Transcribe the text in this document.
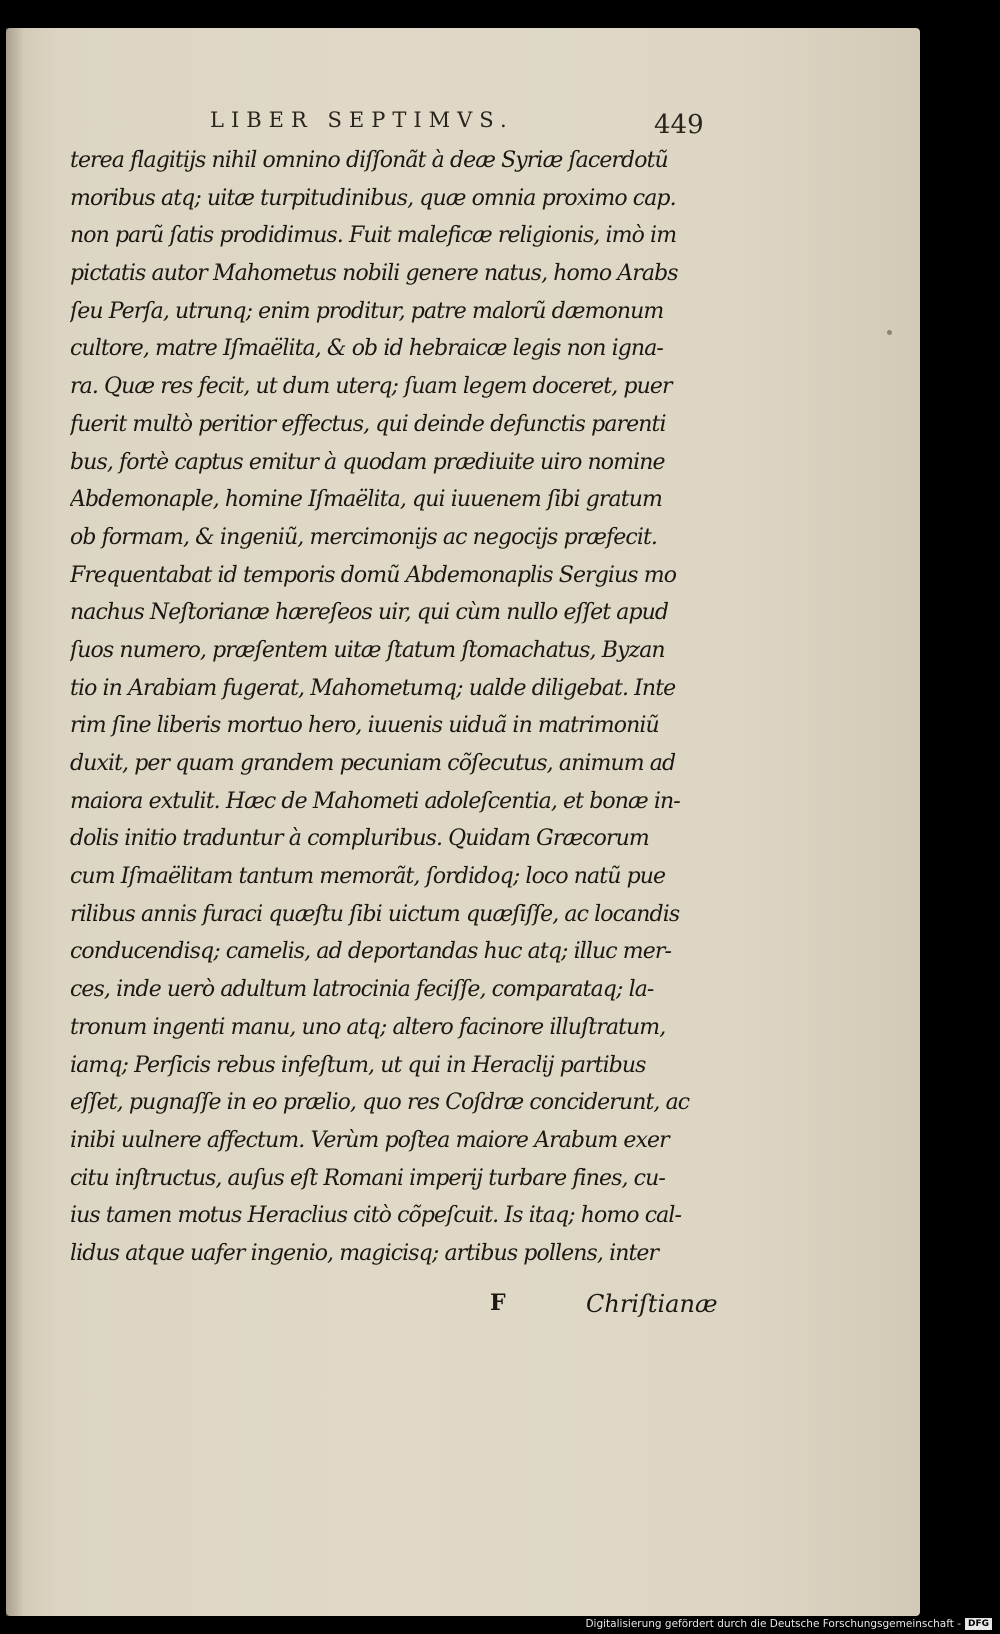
LIBER SEPTIMVS.	449
terea flagitijs nihil omnino diſſonãt à deæ Syriæ ſacerdotũ
moribus atq; uitæ turpitudinibus, quæ omnia proximo cap.
non parũ ſatis prodidimus. Fuit maleficæ religionis, imò im
pictatis autor Mahometus nobili genere natus, homo Arabs
ſeu Perſa, utrunq; enim proditur, patre malorũ dæmonum
cultore, matre Iſmaëlita, & ob id hebraicæ legis non igna-
ra. Quæ res fecit, ut dum uterq; ſuam legem doceret, puer
fuerit multò peritior effectus, qui deinde defunctis parenti
bus, fortè captus emitur à quodam prædiuite uiro nomine
Abdemonaple, homine Iſmaëlita, qui iuuenem ſibi gratum
ob formam, & ingeniũ, mercimonijs ac negocijs præfecit.
Frequentabat id temporis domũ Abdemonaplis Sergius mo
nachus Neſtorianæ hæreſeos uir, qui cùm nullo eſſet apud
ſuos numero, præſentem uitæ ſtatum ſtomachatus, Byzan
tio in Arabiam fugerat, Mahometumq; ualde diligebat. Inte
rim ſine liberis mortuo hero, iuuenis uiduã in matrimoniũ
duxit, per quam grandem pecuniam cõſecutus, animum ad
maiora extulit. Hæc de Mahometi adoleſcentia, et bonæ in-
dolis initio traduntur à compluribus. Quidam Græcorum
cum Iſmaëlitam tantum memorãt, ſordidoq; loco natũ pue
rilibus annis furaci quæſtu ſibi uictum quæſiſſe, ac locandis
conducendisq; camelis, ad deportandas huc atq; illuc mer-
ces, inde uerò adultum latrocinia feciſſe, comparataq; la-
tronum ingenti manu, uno atq; altero facinore illuſtratum,
iamq; Perſicis rebus infeſtum, ut qui in Heraclij partibus
eſſet, pugnaſſe in eo prælio, quo res Coſdræ conciderunt, ac
inibi uulnere affectum. Verùm poſtea maiore Arabum exer
citu inſtructus, auſus eſt Romani imperij turbare fines, cu-
ius tamen motus Heraclius citò cõpeſcuit. Is itaq; homo cal-
lidus atque uafer ingenio, magicisq; artibus pollens, inter
F	Chriſtianæ
Digitalisierung gefördert durch die Deutsche Forschungsgemeinschaft - DFG
